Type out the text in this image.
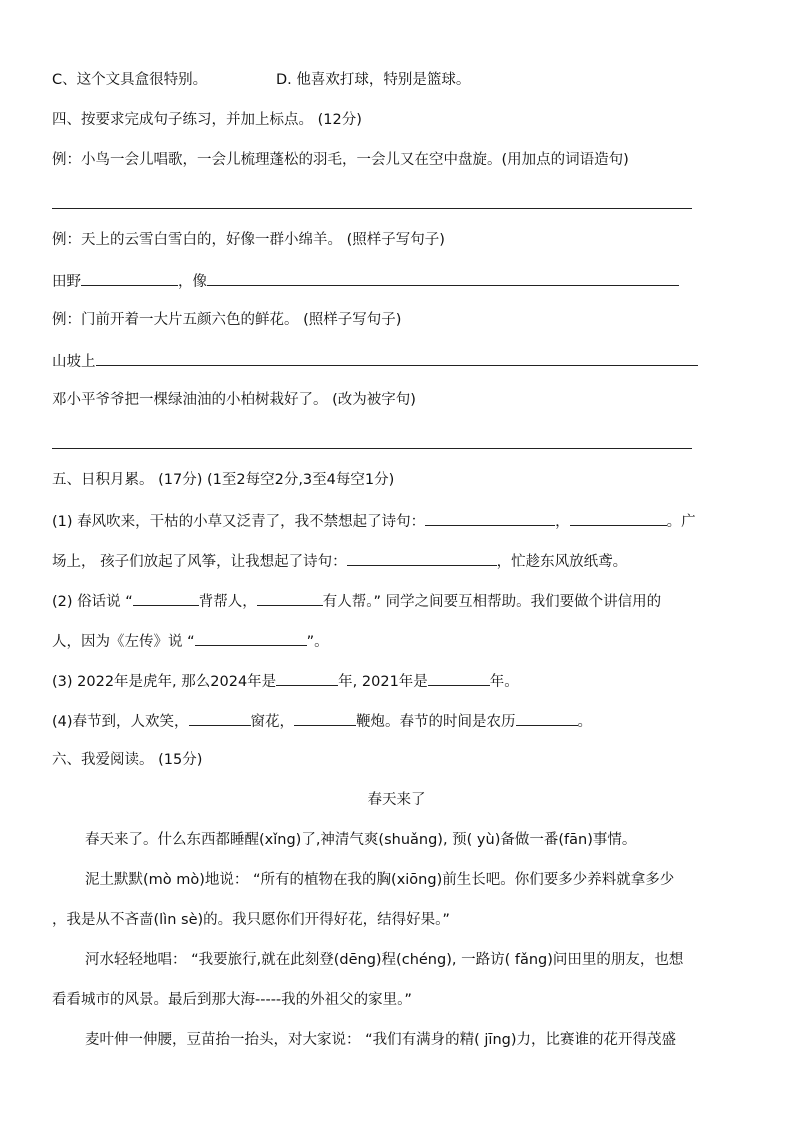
C、这个文具盒很特别。	D. 他喜欢打球，特别是篮球。
四、按要求完成句子练习，并加上标点。 (12分)
例：小鸟一会儿唱歌，一会儿梳理蓬松的羽毛，一会儿又在空中盘旋。(用加点的词语造句)
例：天上的云雪白雪白的，好像一群小绵羊。 (照样子写句子)
田野	，像
例：门前开着一大片五颜六色的鲜花。 (照样子写句子)
山坡上
邓小平爷爷把一棵绿油油的小柏树栽好了。 (改为被字句)
五、日积月累。 (17分) (1至2每空2分,3至4每空1分)
(1) 春风吹来，干枯的小草又泛青了，我不禁想起了诗句：	，	。广
场上， 孩子们放起了风筝，让我想起了诗句：	，忙趁东风放纸鸢。
(2) 俗话说 “	背帮人，	有人帮。” 同学之间要互相帮助。我们要做个讲信用的
人，因为《左传》说 “	”。
(3) 2022年是虎年, 那么2024年是	年, 2021年是	年。
(4)春节到，人欢笑，	窗花，	鞭炮。春节的时间是农历	。
六、我爱阅读。 (15分)
春天来了
春天来了。什么东西都睡醒(xǐng)了,神清气爽(shuǎng), 预( yù)备做一番(fān)事情。
泥土默默(mò mò)地说： “所有的植物在我的胸(xiōng)前生长吧。你们要多少养料就拿多少
，我是从不吝啬(lìn sè)的。我只愿你们开得好花，结得好果。”
河水轻轻地唱： “我要旅行,就在此刻登(dēng)程(chéng), 一路访( fǎng)问田里的朋友，也想
看看城市的风景。最后到那大海-----我的外祖父的家里。”
麦叶伸一伸腰，豆苗抬一抬头，对大家说： “我们有满身的精( jīng)力，比赛谁的花开得茂盛
